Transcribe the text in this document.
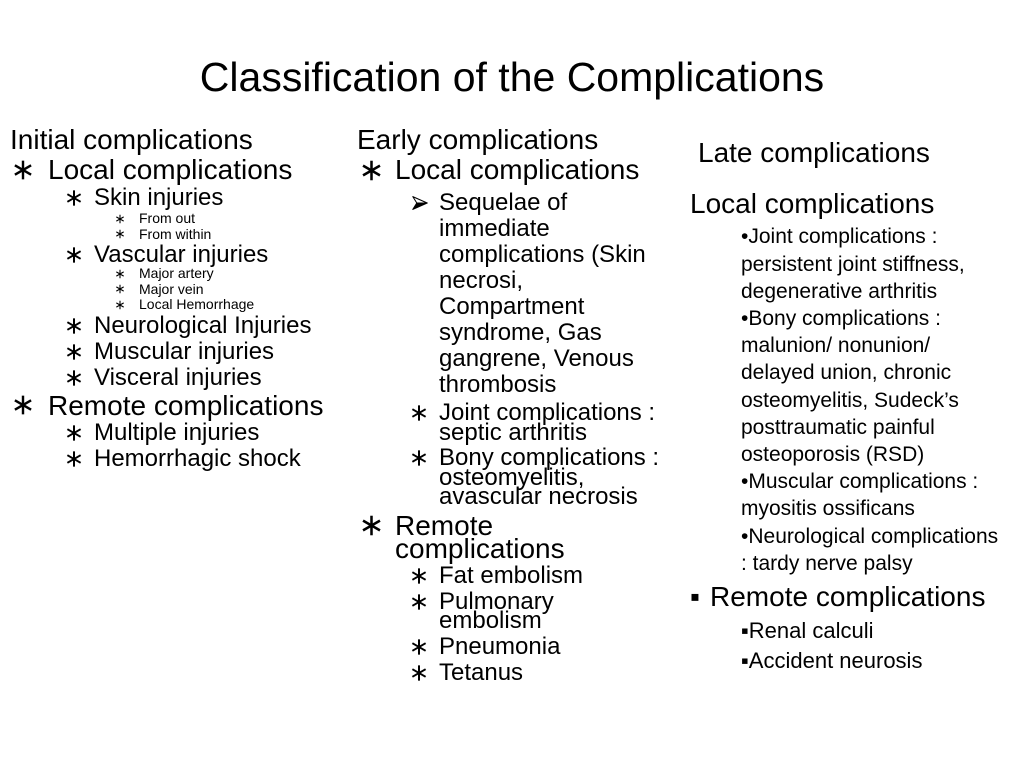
Classification of the Complications
Initial complications
Local complications
Skin injuries
From out
From within
Vascular injuries
Major artery
Major vein
Local Hemorrhage
Neurological Injuries
Muscular injuries
Visceral injuries
Remote complications
Multiple injuries
Hemorrhagic shock
Early complications
Local complications
Sequelae of immediate complications (Skin necrosi, Compartment syndrome, Gas gangrene, Venous thrombosis
Joint complications : septic arthritis
Bony complications : osteomyelitis, avascular necrosis
Remote complications
Fat embolism
Pulmonary embolism
Pneumonia
Tetanus
Late complications
Local complications
•Joint complications : persistent joint stiffness, degenerative arthritis
•Bony complications : malunion/ nonunion/ delayed union, chronic osteomyelitis, Sudeck’s posttraumatic painful osteoporosis (RSD)
•Muscular complications : myositis ossificans
•Neurological complications : tardy nerve palsy
▪ Remote complications
▪Renal calculi
▪Accident neurosis
